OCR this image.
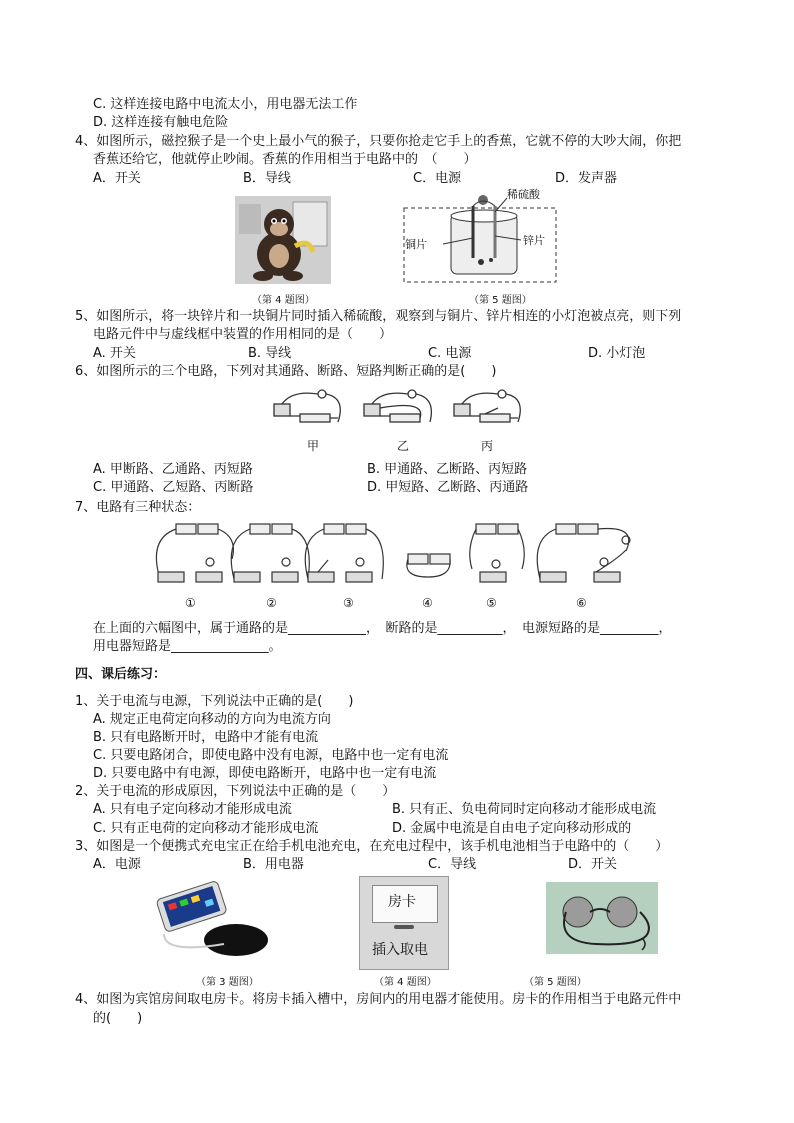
C. 这样连接电路中电流太小，用电器无法工作
D. 这样连接有触电危险
4、如图所示，磁控猴子是一个史上最小气的猴子，只要你抢走它手上的香蕉，它就不停的大吵大闹，你把
香蕉还给它，他就停止吵闹。香蕉的作用相当于电路中的　（　　）
A．开关	B．导线	C．电源	D．发声器
（第 4 题图）
稀硫酸
铜片	锌片
（第 5 题图）
5、如图所示，将一块锌片和一块铜片同时插入稀硫酸，观察到与铜片、锌片相连的小灯泡被点亮，则下列
电路元件中与虚线框中装置的作用相同的是（　　）
A. 开关	B. 导线	C. 电源	D. 小灯泡
6、如图所示的三个电路，下列对其通路、断路、短路判断正确的是(　　)
甲	乙	丙
A. 甲断路、乙通路、丙短路	B. 甲通路、乙断路、丙短路
C. 甲通路、乙短路、丙断路	D. 甲短路、乙断路、丙通路
7、电路有三种状态：
①	②	③	④	⑤	⑥
在上面的六幅图中，属于通路的是____________，　断路的是__________，　电源短路的是_________，
用电器短路是_______________。
四、课后练习：
1、关于电流与电源，下列说法中正确的是(　　)
A. 规定正电荷定向移动的方向为电流方向
B. 只有电路断开时，电路中才能有电流
C. 只要电路闭合，即使电路中没有电源，电路中也一定有电流
D. 只要电路中有电源，即使电路断开，电路中也一定有电流
2、关于电流的形成原因，下列说法中正确的是（　　）
A. 只有电子定向移动才能形成电流	B. 只有正、负电荷同时定向移动才能形成电流
C. 只有正电荷的定向移动才能形成电流	D. 金属中电流是自由电子定向移动形成的
3、如图是一个便携式充电宝正在给手机电池充电，在充电过程中，该手机电池相当于电路中的（　　）
A．电源	B．用电器	C．导线	D．开关
（第 3 题图）
房卡
插入取电
（第 4 题图）	（第 5 题图）
4、如图为宾馆房间取电房卡。将房卡插入槽中，房间内的用电器才能使用。房卡的作用相当于电路元件中
的(　　)
